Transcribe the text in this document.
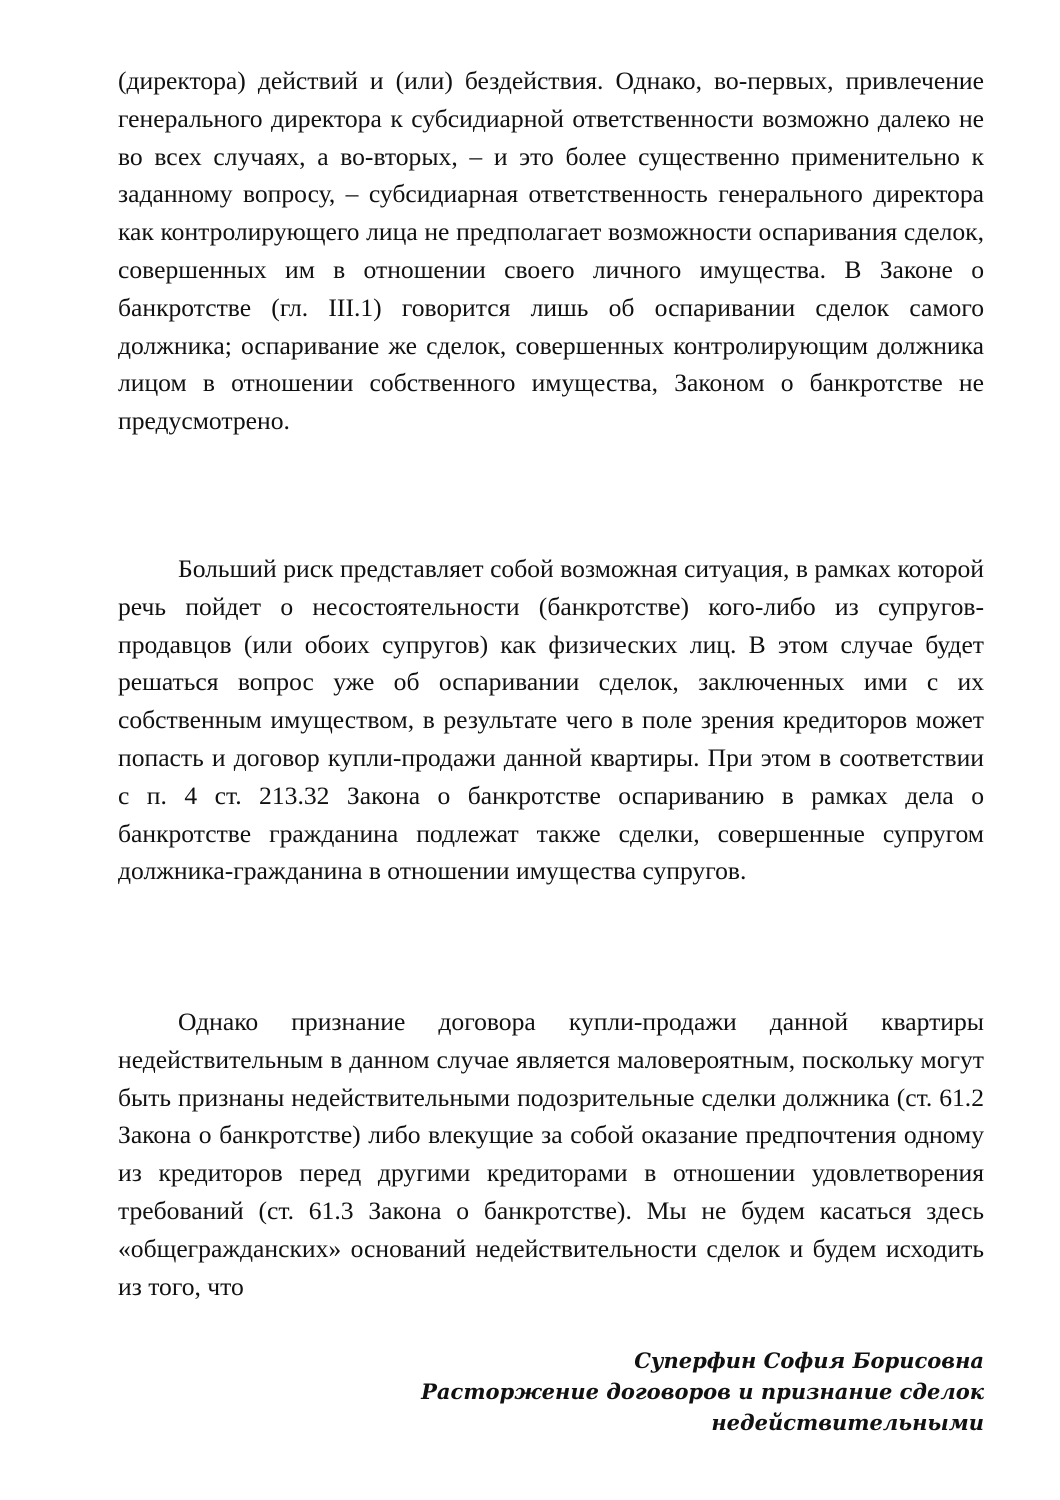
(директора) действий и (или) бездействия. Однако, во-первых, привлечение генерального директора к субсидиарной ответственности возможно далеко не во всех случаях, а во-вторых, – и это более существенно применительно к заданному вопросу, – субсидиарная ответственность генерального директора как контролирующего лица не предполагает возможности оспаривания сделок, совершенных им в отношении своего личного имущества. В Законе о банкротстве (гл. III.1) говорится лишь об оспаривании сделок самого должника; оспаривание же сделок, совершенных контролирующим должника лицом в отношении собственного имущества, Законом о банкротстве не предусмотрено.

Больший риск представляет собой возможная ситуация, в рамках которой речь пойдет о несостоятельности (банкротстве) кого-либо из супругов-продавцов (или обоих супругов) как физических лиц. В этом случае будет решаться вопрос уже об оспаривании сделок, заключенных ими с их собственным имуществом, в результате чего в поле зрения кредиторов может попасть и договор купли-продажи данной квартиры. При этом в соответствии с п. 4 ст. 213.32 Закона о банкротстве оспариванию в рамках дела о банкротстве гражданина подлежат также сделки, совершенные супругом должника-гражданина в отношении имущества супругов.

Однако признание договора купли-продажи данной квартиры недействительным в данном случае является маловероятным, поскольку могут быть признаны недействительными подозрительные сделки должника (ст. 61.2 Закона о банкротстве) либо влекущие за собой оказание предпочтения одному из кредиторов перед другими кредиторами в отношении удовлетворения требований (ст. 61.3 Закона о банкротстве). Мы не будем касаться здесь «общегражданских» оснований недействительности сделок и будем исходить из того, что

Суперфин София Борисовна
Расторжение договоров и признание сделок
недействительными
